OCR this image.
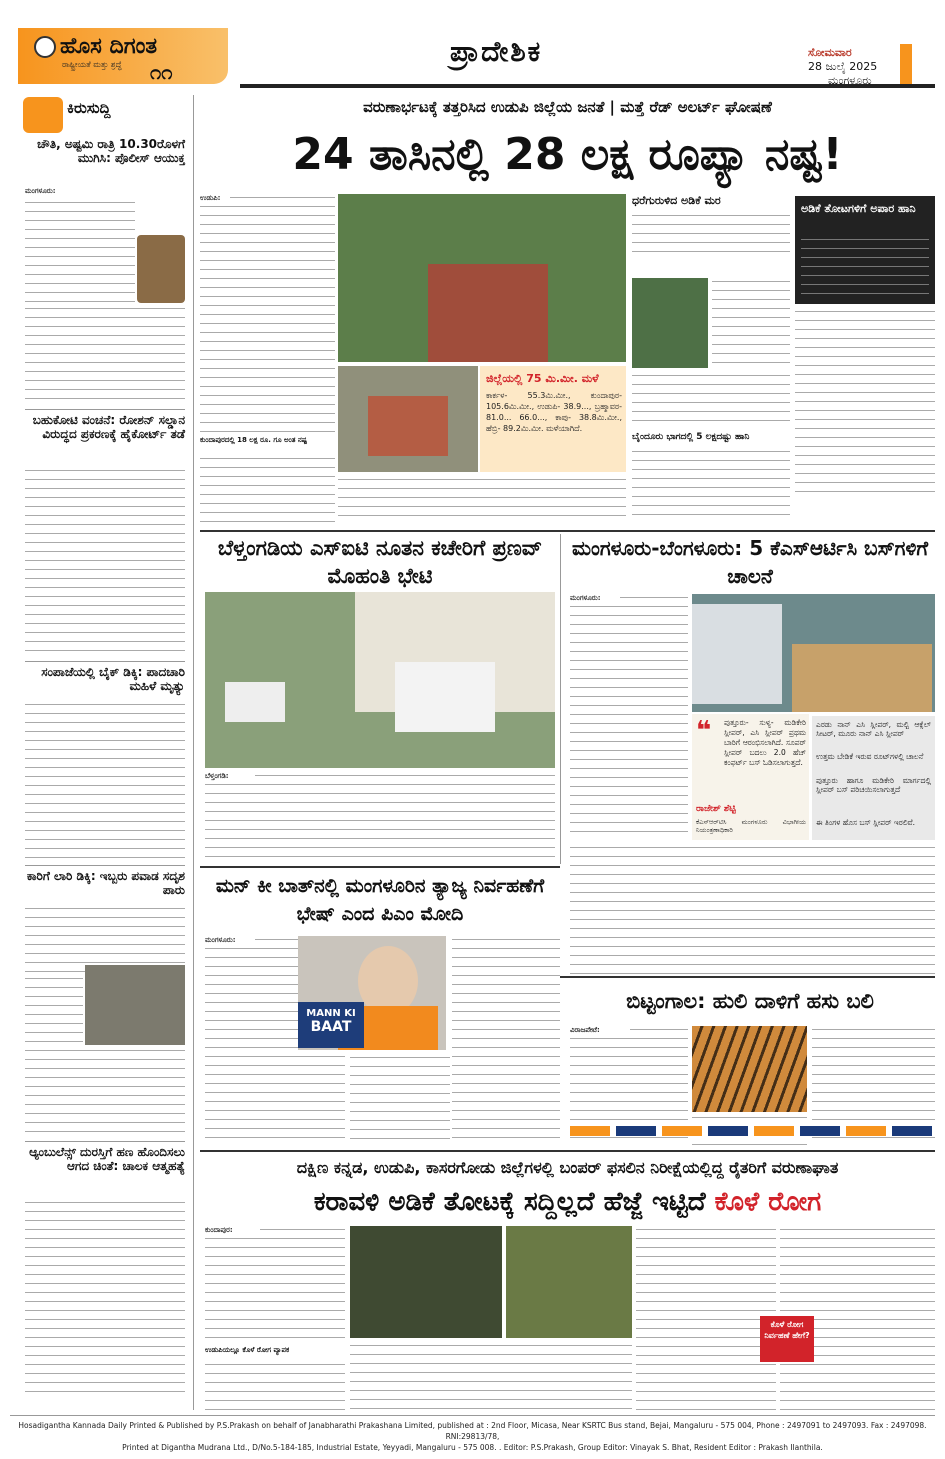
ಹೊಸ ದಿಗಂತ
ರಾಷ್ಟ್ರೀಯತೆ ಮತ್ತು ಶ್ರದ್ಧೆ ೧೧
ಪ್ರಾದೇಶಿಕ	ಸೋಮವಾರ
28 ಜುಲೈ 2025
ಮಂಗಳೂರು
ಕಿರುಸುದ್ದಿ
ಚೌತಿ, ಅಷ್ಟಮಿ ರಾತ್ರಿ 10.30ರೊಳಗೆ ಮುಗಿಸಿ: ಪೊಲೀಸ್ ಆಯುಕ್ತ
ಮಂಗಳೂರು:
ಬಹುಕೋಟಿ ವಂಚನೆ: ರೋಶನ್ ಸಲ್ಡಾನ ವಿರುದ್ಧದ ಪ್ರಕರಣಕ್ಕೆ ಹೈಕೋರ್ಟ್ ತಡೆ
ಸಂಪಾಜೆಯಲ್ಲಿ ಬೈಕ್ ಡಿಕ್ಕಿ: ಪಾದಚಾರಿ ಮಹಿಳೆ ಮೃತ್ಯು
ಕಾರಿಗೆ ಲಾರಿ ಡಿಕ್ಕಿ: ಇಬ್ಬರು ಪವಾಡ ಸದೃಶ ಪಾರು
ಆ್ಯಂಬುಲೆನ್ಸ್ ದುರಸ್ತಿಗೆ ಹಣ ಹೊಂದಿಸಲು ಆಗದ ಚಿಂತೆ: ಚಾಲಕ ಆತ್ಮಹತ್ಯೆ
ವರುಣಾರ್ಭಟಕ್ಕೆ ತತ್ತರಿಸಿದ ಉಡುಪಿ ಜಿಲ್ಲೆಯ ಜನತೆ | ಮತ್ತೆ ರೆಡ್ ಅಲರ್ಟ್ ಘೋಷಣೆ
24 ತಾಸಿನಲ್ಲಿ 28 ಲಕ್ಷ ರೂಪ್ಯಾ ನಷ್ಟ!
ಉಡುಪಿ:
ಕುಂದಾಪುರದಲ್ಲಿ 18 ಲಕ್ಷ ರೂ. ಗೂ ಅಂತ ನಷ್ಟ
ಜಿಲ್ಲೆಯಲ್ಲಿ 75 ಮಿ.ಮೀ. ಮಳೆ
ಕಾರ್ಕಳ- 55.3ಮಿ.ಮೀ., ಕುಂದಾಪುರ- 105.6ಮಿ.ಮೀ., ಉಡುಪಿ- 38.9..., ಬ್ರಹ್ಮಾವರ- 81.0... 66.0..., ಕಾಪು- 38.8ಮಿ.ಮೀ., ಹೆಬ್ರಿ- 89.2ಮಿ.ಮೀ. ಮಳೆಯಾಗಿದೆ.
ಧರೆಗುರುಳಿದ ಅಡಿಕೆ ಮರ
ಬೈಂದೂರು ಭಾಗದಲ್ಲಿ 5 ಲಕ್ಷದಷ್ಟು ಹಾನಿ
ಅಡಿಕೆ ತೋಟಗಳಿಗೆ ಅಪಾರ ಹಾನಿ
ಬೆಳ್ತಂಗಡಿಯ ಎಸ್ಐಟಿ ನೂತನ ಕಚೇರಿಗೆ ಪ್ರಣವ್ ಮೊಹಂತಿ ಭೇಟಿ
ಬೆಳ್ತಂಗಡಿ:
ಮಂಗಳೂರು-ಬೆಂಗಳೂರು: 5 ಕೆಎಸ್ಆರ್ಟಿಸಿ ಬಸ್‌ಗಳಿಗೆ ಚಾಲನೆ
ಮಂಗಳೂರು:
❝	ಪುತ್ತೂರು- ಸುಳ್ಯ- ಮಡಿಕೇರಿ ಸ್ಲೀಪರ್, ಎಸಿ ಸ್ಲೀಪರ್ ಪ್ರಥಮ ಬಾರಿಗೆ ಆರಂಭಿಸಲಾಗಿದೆ. ಸೂಪರ್ ಸ್ಲೀಪರ್ ಬದಲು 2.0 ಹೆಚ್ ಕಂಫರ್ಟ್ ಬಸ್ ಓಡಿಸಲಾಗುತ್ತದೆ.
ರಾಜೇಶ್ ಶೆಟ್ಟಿ
ಕೆಎಸ್ಆರ್‌ಟಿಸಿ ಮಂಗಳೂರು ವಿಭಾಗೀಯ ನಿಯಂತ್ರಣಾಧಿಕಾರಿ
ಎರಡು ನಾನ್ ಎಸಿ ಸ್ಲೀಪರ್, ಮಲ್ಟಿ ಆಕ್ಸೆಲ್ ಸೀಟರ್, ಮೂರು ನಾನ್ ಎಸಿ ಸ್ಲೀಪರ್
ಉತ್ತಮ ಬೇಡಿಕೆ ಇರುವ ರೂಟ್‌ಗಳಲ್ಲಿ ಚಾಲನೆ
ಪುತ್ತೂರು ಹಾಗೂ ಮಡಿಕೇರಿ ಮಾರ್ಗದಲ್ಲಿ ಸ್ಲೀಪರ್ ಬಸ್ ಪರಿಚಯಿಸಲಾಗುತ್ತದೆ
ಈ ತಿಂಗಳ ಹೊಸ ಬಸ್ ಸ್ಲೀಪರ್ ಇರಲಿವೆ.
ಮನ್ ಕೀ ಬಾತ್‌ನಲ್ಲಿ ಮಂಗಳೂರಿನ ತ್ಯಾಜ್ಯ ನಿರ್ವಹಣೆಗೆ ಭೇಷ್ ಎಂದ ಪಿಎಂ ಮೋದಿ
ಮಂಗಳೂರು:
MANN KI
BAAT
ಬಿಟ್ಟಂಗಾಲ: ಹುಲಿ ದಾಳಿಗೆ ಹಸು ಬಲಿ
ವಿರಾಜಪೇಟೆ:
ದಕ್ಷಿಣ ಕನ್ನಡ, ಉಡುಪಿ, ಕಾಸರಗೋಡು ಜಿಲ್ಲೆಗಳಲ್ಲಿ ಬಂಪರ್ ಫಸಲಿನ ನಿರೀಕ್ಷೆಯಲ್ಲಿದ್ದ ರೈತರಿಗೆ ವರುಣಾಘಾತ
ಕರಾವಳಿ ಅಡಿಕೆ ತೋಟಕ್ಕೆ ಸದ್ದಿಲ್ಲದೆ ಹೆಜ್ಜೆ ಇಟ್ಟಿದೆ ಕೊಳೆ ರೋಗ
ಕುಂದಾಪುರ:
ಉಡುಪಿಯಲ್ಲೂ ಕೊಳೆ ರೋಗ ವ್ಯಾಪಕ
ಕೊಳೆ ರೋಗ ನಿರ್ವಹಣೆ ಹೇಗೆ?
Hosadigantha Kannada Daily Printed & Published by P.S.Prakash on behalf of Janabharathi Prakashana Limited, published at : 2nd Floor, Micasa, Near KSRTC Bus stand, Bejai, Mangaluru - 575 004, Phone : 2497091 to 2497093. Fax : 2497098. RNI:29813/78,
Printed at Digantha Mudrana Ltd., D/No.5-184-185, Industrial Estate, Yeyyadi, Mangaluru - 575 008. . Editor: P.S.Prakash, Group Editor: Vinayak S. Bhat, Resident Editor : Prakash Ilanthila.
